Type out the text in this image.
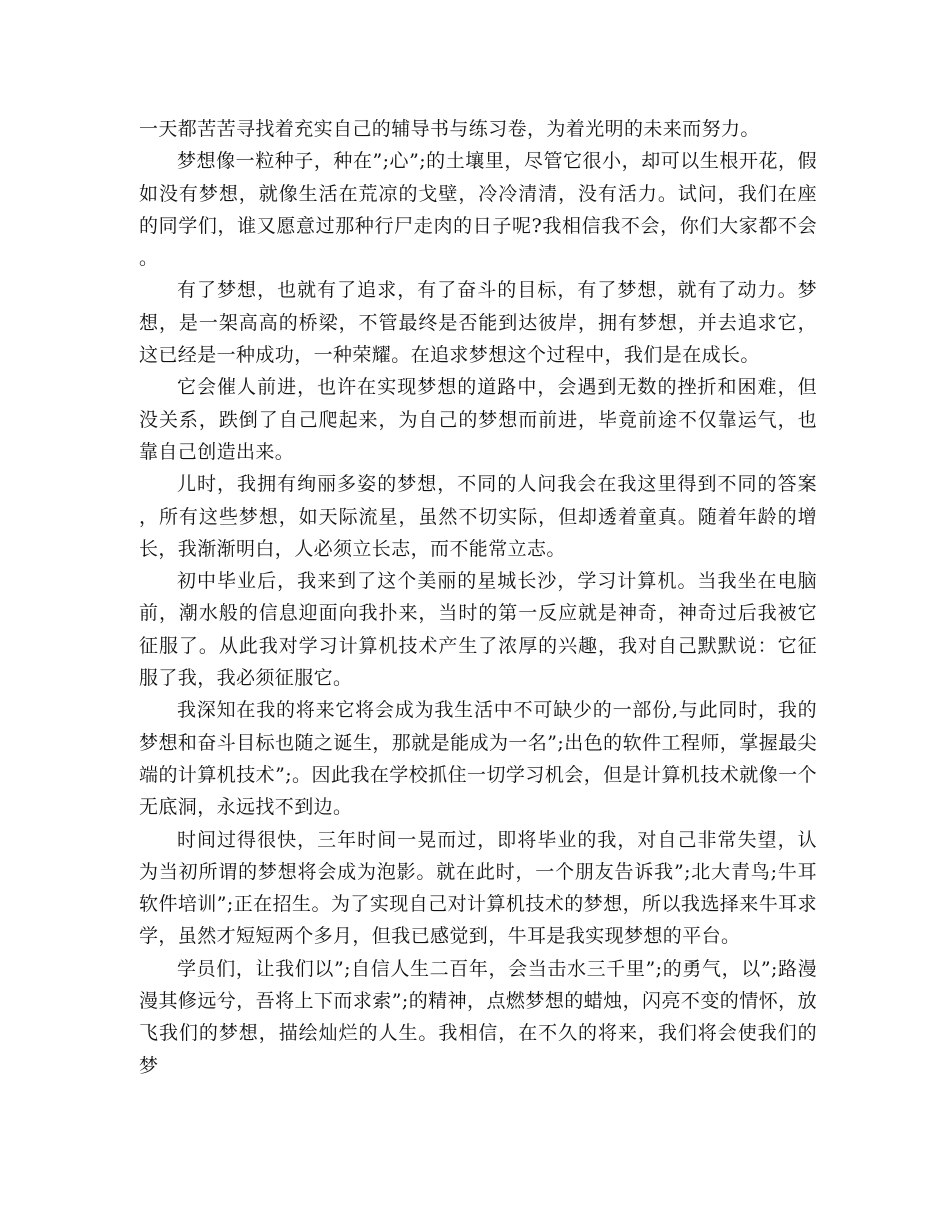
一天都苦苦寻找着充实自己的辅导书与练习卷，为着光明的未来而努力。

梦想像一粒种子，种在”;心”;的土壤里，尽管它很小，却可以生根开花，假如没有梦想，就像生活在荒凉的戈壁，冷冷清清，没有活力。试问，我们在座的同学们，谁又愿意过那种行尸走肉的日子呢?我相信我不会，你们大家都不会。

有了梦想，也就有了追求，有了奋斗的目标，有了梦想，就有了动力。梦想，是一架高高的桥梁，不管最终是否能到达彼岸，拥有梦想，并去追求它，这已经是一种成功，一种荣耀。在追求梦想这个过程中，我们是在成长。

它会催人前进，也许在实现梦想的道路中，会遇到无数的挫折和困难，但没关系，跌倒了自己爬起来，为自己的梦想而前进，毕竟前途不仅靠运气，也靠自己创造出来。

儿时，我拥有绚丽多姿的梦想，不同的人问我会在我这里得到不同的答案，所有这些梦想，如天际流星，虽然不切实际，但却透着童真。随着年龄的增长，我渐渐明白，人必须立长志，而不能常立志。

初中毕业后，我来到了这个美丽的星城长沙，学习计算机。当我坐在电脑前，潮水般的信息迎面向我扑来，当时的第一反应就是神奇，神奇过后我被它征服了。从此我对学习计算机技术产生了浓厚的兴趣，我对自己默默说：它征服了我，我必须征服它。

我深知在我的将来它将会成为我生活中不可缺少的一部份,与此同时，我的梦想和奋斗目标也随之诞生，那就是能成为一名”;出色的软件工程师，掌握最尖端的计算机技术”;。因此我在学校抓住一切学习机会，但是计算机技术就像一个无底洞，永远找不到边。

时间过得很快，三年时间一晃而过，即将毕业的我，对自己非常失望，认为当初所谓的梦想将会成为泡影。就在此时，一个朋友告诉我”;北大青鸟;牛耳软件培训”;正在招生。为了实现自己对计算机技术的梦想，所以我选择来牛耳求学，虽然才短短两个多月，但我已感觉到，牛耳是我实现梦想的平台。

学员们，让我们以”;自信人生二百年，会当击水三千里”;的勇气，以”;路漫漫其修远兮，吾将上下而求索”;的精神，点燃梦想的蜡烛，闪亮不变的情怀，放飞我们的梦想，描绘灿烂的人生。我相信，在不久的将来，我们将会使我们的梦
